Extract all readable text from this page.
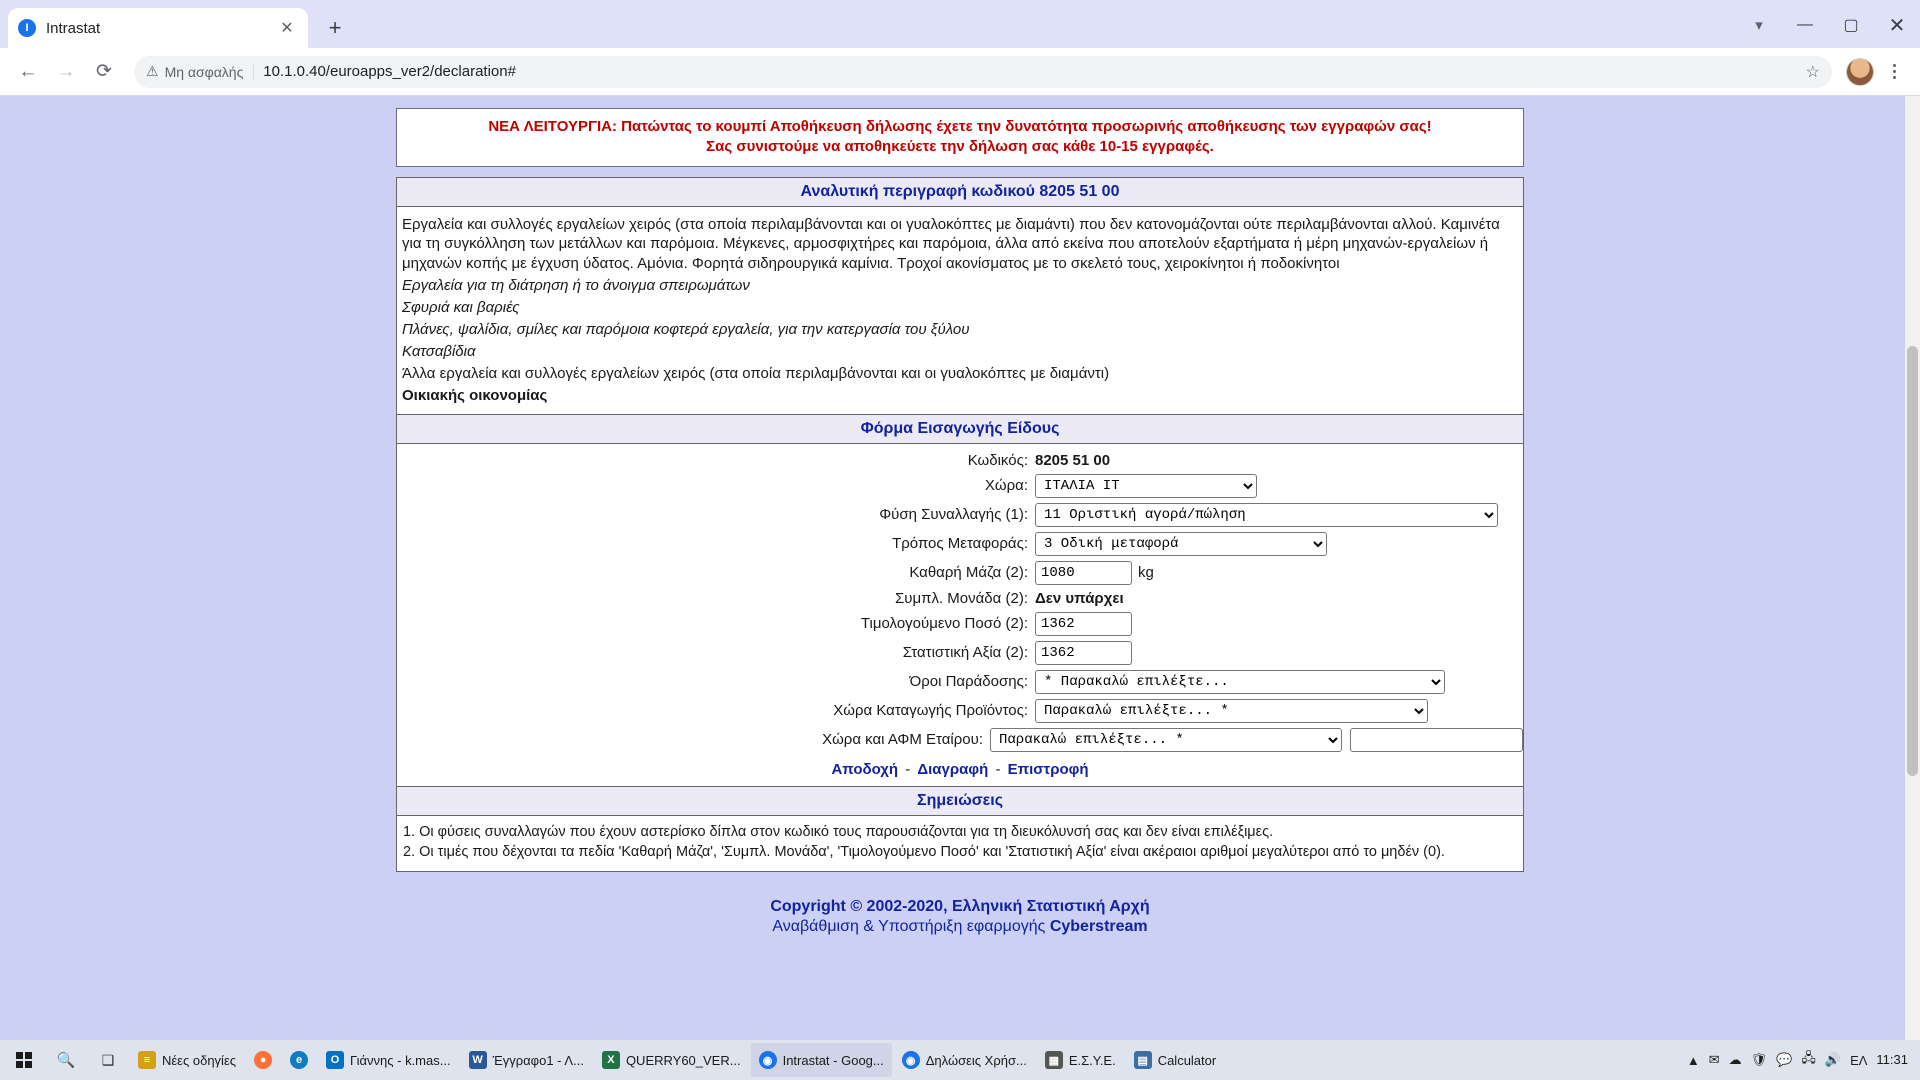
I	Intrastat	✕	+	▾	—	▢	✕
←	→	⟳	⚠ Μη ασφαλής | 10.1.0.40/euroapps_ver2/declaration#	☆

ΝΕΑ ΛΕΙΤΟΥΡΓΙΑ: Πατώντας το κουμπί Αποθήκευση δήλωσης έχετε την δυνατότητα προσωρινής αποθήκευσης των εγγραφών σας!

Σας συνιστούμε να αποθηκεύετε την δήλωση σας κάθε 10-15 εγγραφές.

Αναλυτική περιγραφή κωδικού 8205 51 00
Εργαλεία και συλλογές εργαλείων χειρός (στα οποία περιλαμβάνονται και οι γυαλοκόπτες με διαμάντι) που δεν κατονομάζονται ούτε περιλαμβάνονται αλλού. Καμινέτα για τη συγκόλληση των μετάλλων και παρόμοια. Μέγκενες, αρμοσφιχτήρες και παρόμοια, άλλα από εκείνα που αποτελούν εξαρτήματα ή μέρη μηχανών-εργαλείων ή μηχανών κοπής με έγχυση ύδατος. Αμόνια. Φορητά σιδηρουργικά καμίνια. Τροχοί ακονίσματος με το σκελετό τους, χειροκίνητοι ή ποδοκίνητοι
Εργαλεία για τη διάτρηση ή το άνοιγμα σπειρωμάτων
Σφυριά και βαριές
Πλάνες, ψαλίδια, σμίλες και παρόμοια κοφτερά εργαλεία, για την κατεργασία του ξύλου
Κατσαβίδια
Άλλα εργαλεία και συλλογές εργαλείων χειρός (στα οποία περιλαμβάνονται και οι γυαλοκόπτες με διαμάντι)
Οικιακής οικονομίας
Φόρμα Εισαγωγής Είδους
Κωδικός: 8205 51 00
Χώρα:
ΙΤΑΛΙΑ IT
Φύση Συναλλαγής (1):
11 Οριστική αγορά/πώληση
Τρόπος Μεταφοράς:
3 Οδική μεταφορά
Καθαρή Μάζα (2):
1080	kg
Συμπλ. Μονάδα (2): Δεν υπάρχει
Τιμολογούμενο Ποσό (2):
1362
Στατιστική Αξία (2):
1362
Όροι Παράδοσης:
* Παρακαλώ επιλέξτε...
Χώρα Καταγωγής Προϊόντος:
Παρακαλώ επιλέξτε... *
Χώρα και ΑΦΜ Εταίρου:
Παρακαλώ επιλέξτε... *
Αποδοχή - Διαγραφή - Επιστροφή
Σημειώσεις
1. Οι φύσεις συναλλαγών που έχουν αστερίσκο δίπλα στον κωδικό τους παρουσιάζονται για τη διευκόλυνσή σας και δεν είναι επιλέξιμες.
2. Οι τιμές που δέχονται τα πεδία 'Καθαρή Μάζα', 'Συμπλ. Μονάδα', 'Τιμολογούμενο Ποσό' και 'Στατιστική Αξία' είναι ακέραιοι αριθμοί μεγαλύτεροι από το μηδέν (0).
Copyright © 2002-2020, Ελληνική Στατιστική Αρχή
Αναβάθμιση & Υποστήριξη εφαρμογής Cyberstream
🔍	❑	≡ Νέες οδηγίες	●	e	O Γιάννης - k.mas...	W Έγγραφο1 - Λ...	X QUERRY60_VER...	◉ Intrastat - Goog...	◉ Δηλώσεις Χρήσ...	▦ Ε.Σ.Υ.Ε.	▤ Calculator	▲ ✉ ☁ 🛡 💬 🖧 🔊 ΕΛ 11:31
